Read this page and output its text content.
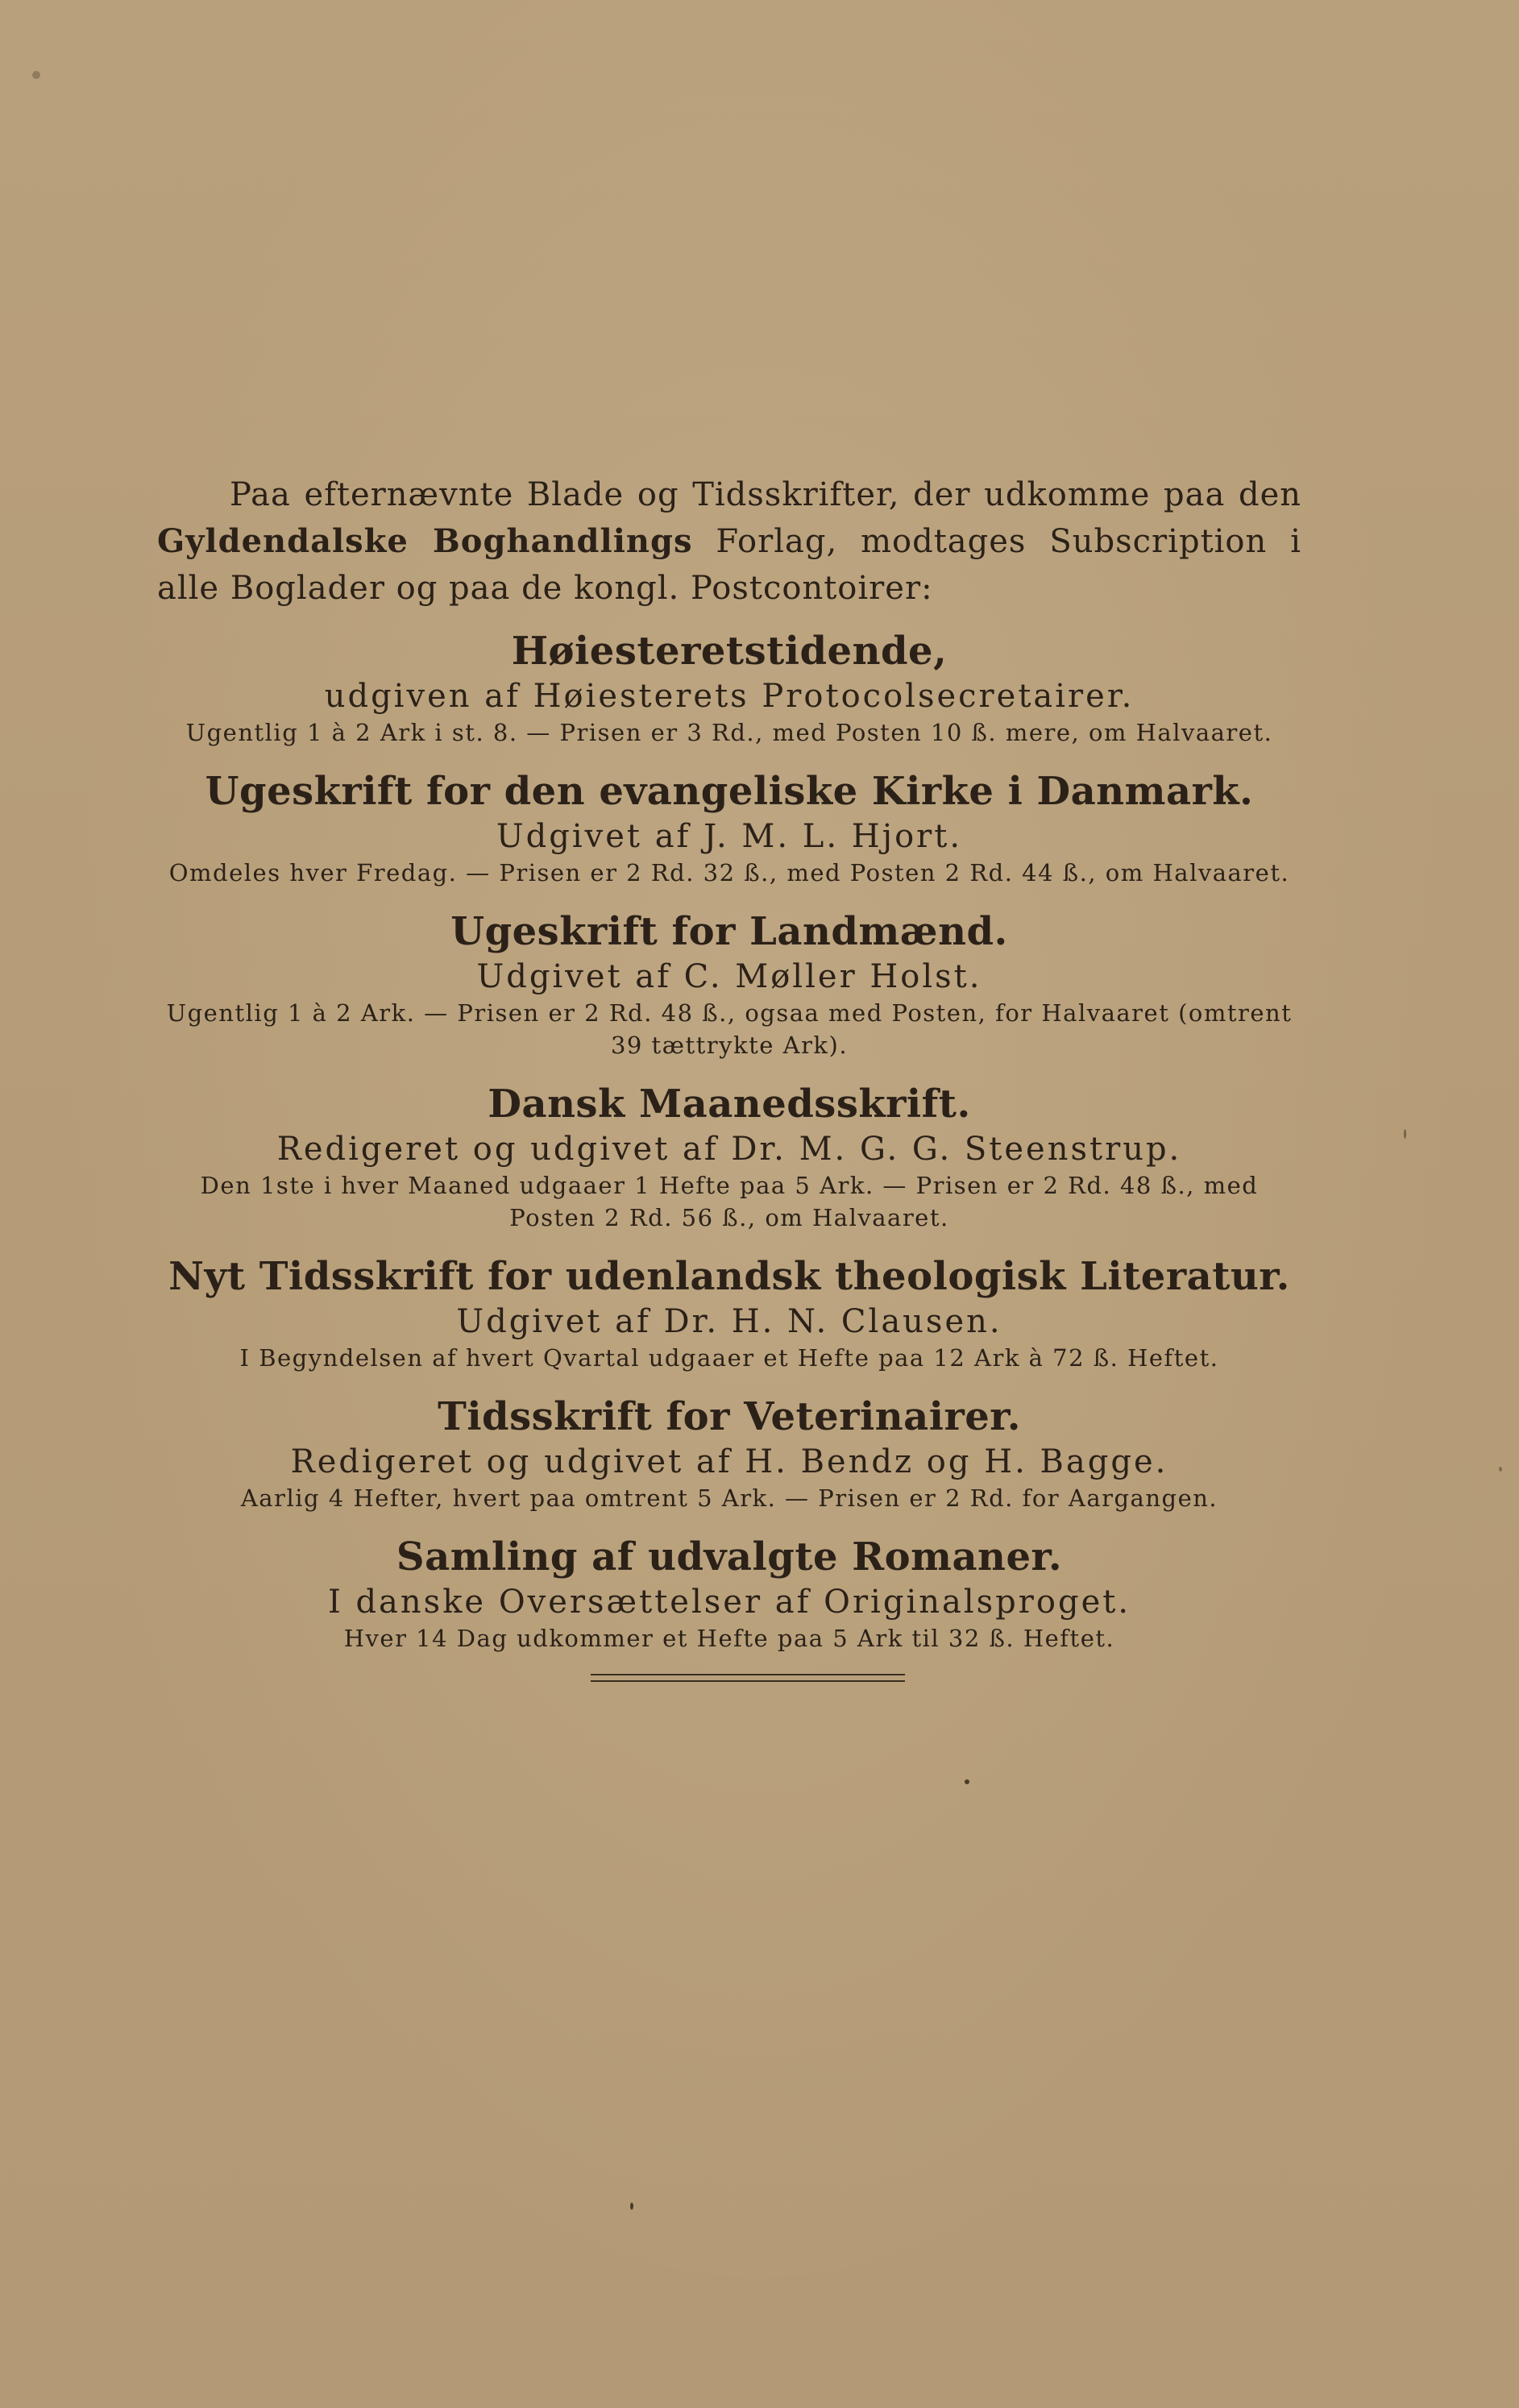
Paa efternævnte Blade og Tidsskrifter, der udkomme paa den Gyldendalske Boghandlings Forlag, modtages Subscription i alle Boglader og paa de kongl. Postcontoirer:

Høiesteretstidende,
udgiven af Høiesterets Protocolsecretairer.
Ugentlig 1 à 2 Ark i st. 8. — Prisen er 3 Rd., med Posten 10 ß. mere, om Halvaaret.
Ugeskrift for den evangeliske Kirke i Danmark.
Udgivet af J. M. L. Hjort.
Omdeles hver Fredag. — Prisen er 2 Rd. 32 ß., med Posten 2 Rd. 44 ß., om Halvaaret.
Ugeskrift for Landmænd.
Udgivet af C. Møller Holst.
Ugentlig 1 à 2 Ark. — Prisen er 2 Rd. 48 ß., ogsaa med Posten, for Halvaaret (omtrent 39 tættrykte Ark).
Dansk Maanedsskrift.
Redigeret og udgivet af Dr. M. G. G. Steenstrup.
Den 1ste i hver Maaned udgaaer 1 Hefte paa 5 Ark. — Prisen er 2 Rd. 48 ß., med Posten 2 Rd. 56 ß., om Halvaaret.
Nyt Tidsskrift for udenlandsk theologisk Literatur.
Udgivet af Dr. H. N. Clausen.
I Begyndelsen af hvert Qvartal udgaaer et Hefte paa 12 Ark à 72 ß. Heftet.
Tidsskrift for Veterinairer.
Redigeret og udgivet af H. Bendz og H. Bagge.
Aarlig 4 Hefter, hvert paa omtrent 5 Ark. — Prisen er 2 Rd. for Aargangen.
Samling af udvalgte Romaner.
I danske Oversættelser af Originalsproget.
Hver 14 Dag udkommer et Hefte paa 5 Ark til 32 ß. Heftet.
